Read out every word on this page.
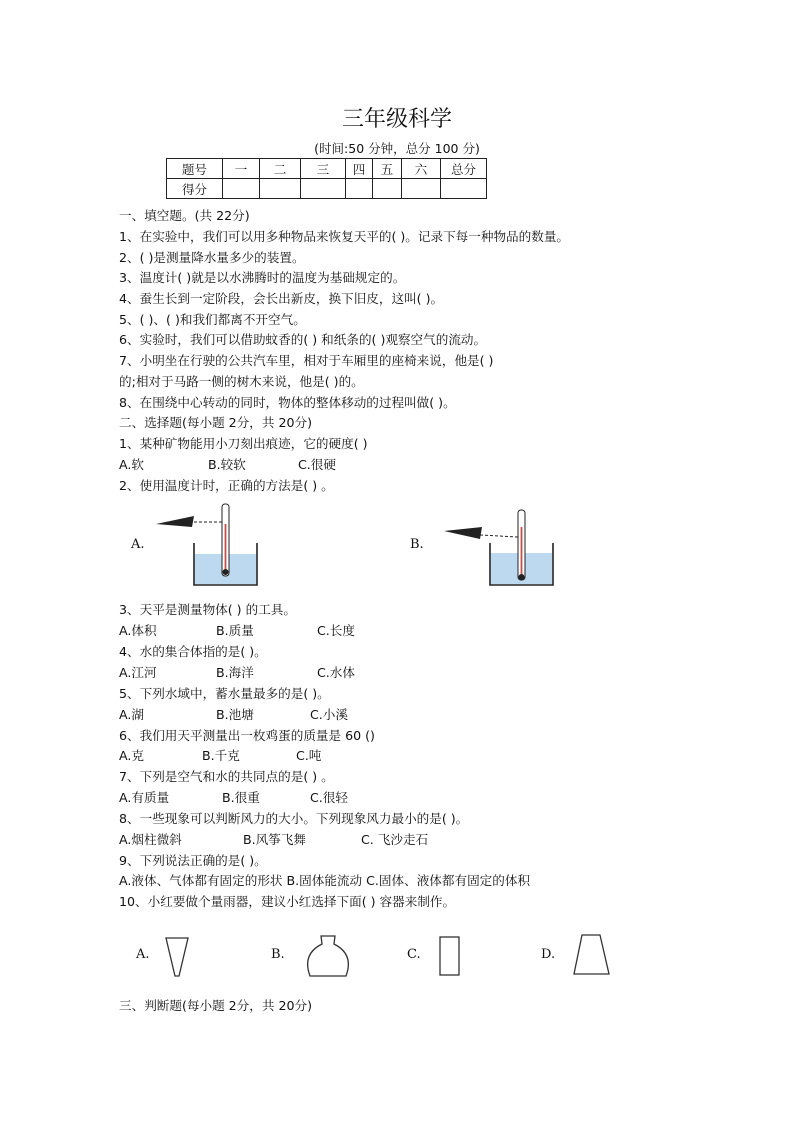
三年级科学
(时间:50 分钟，总分 100 分)
题号	一	二	三	四	五	六	总分
得分							
一、填空题。(共 22分)
1、在实验中，我们可以用多种物品来恢复天平的( )。记录下每一种物品的数量。
2、( )是测量降水量多少的装置。
3、温度计( )就是以水沸腾时的温度为基础规定的。
4、蚕生长到一定阶段，会长出新皮，换下旧皮，这叫( )。
5、( )、( )和我们都离不开空气。
6、实验时，我们可以借助蚊香的( ) 和纸条的( )观察空气的流动。
7、小明坐在行驶的公共汽车里，相对于车厢里的座椅来说，他是( )
的;相对于马路一侧的树木来说，他是( )的。
8、在围绕中心转动的同时，物体的整体移动的过程叫做( )。
二、选择题(每小题 2分，共 20分)
1、某种矿物能用小刀刻出痕迹，它的硬度( )
A.软	B.较软	C.很硬
2、使用温度计时，正确的方法是( ) 。
A.	B.
3、天平是测量物体( ) 的工具。
A.体积	B.质量	C.长度
4、水的集合体指的是( )。
A.江河	B.海洋	C.水体
5、下列水域中，蓄水量最多的是( )。
A.湖	B.池塘	C.小溪
6、我们用天平测量出一枚鸡蛋的质量是 60 ()
A.克	B.千克	C.吨
7、下列是空气和水的共同点的是( ) 。
A.有质量	B.很重	C.很轻
8、一些现象可以判断风力的大小。下列现象风力最小的是( )。
A.烟柱微斜	B.风筝飞舞	C. 飞沙走石
9、下列说法正确的是( )。
A.液体、气体都有固定的形状 B.固体能流动 C.固体、液体都有固定的体积
10、小红要做个量雨器，建议小红选择下面( ) 容器来制作。
A.	B.	C.	D.
三、判断题(每小题 2分，共 20分)
